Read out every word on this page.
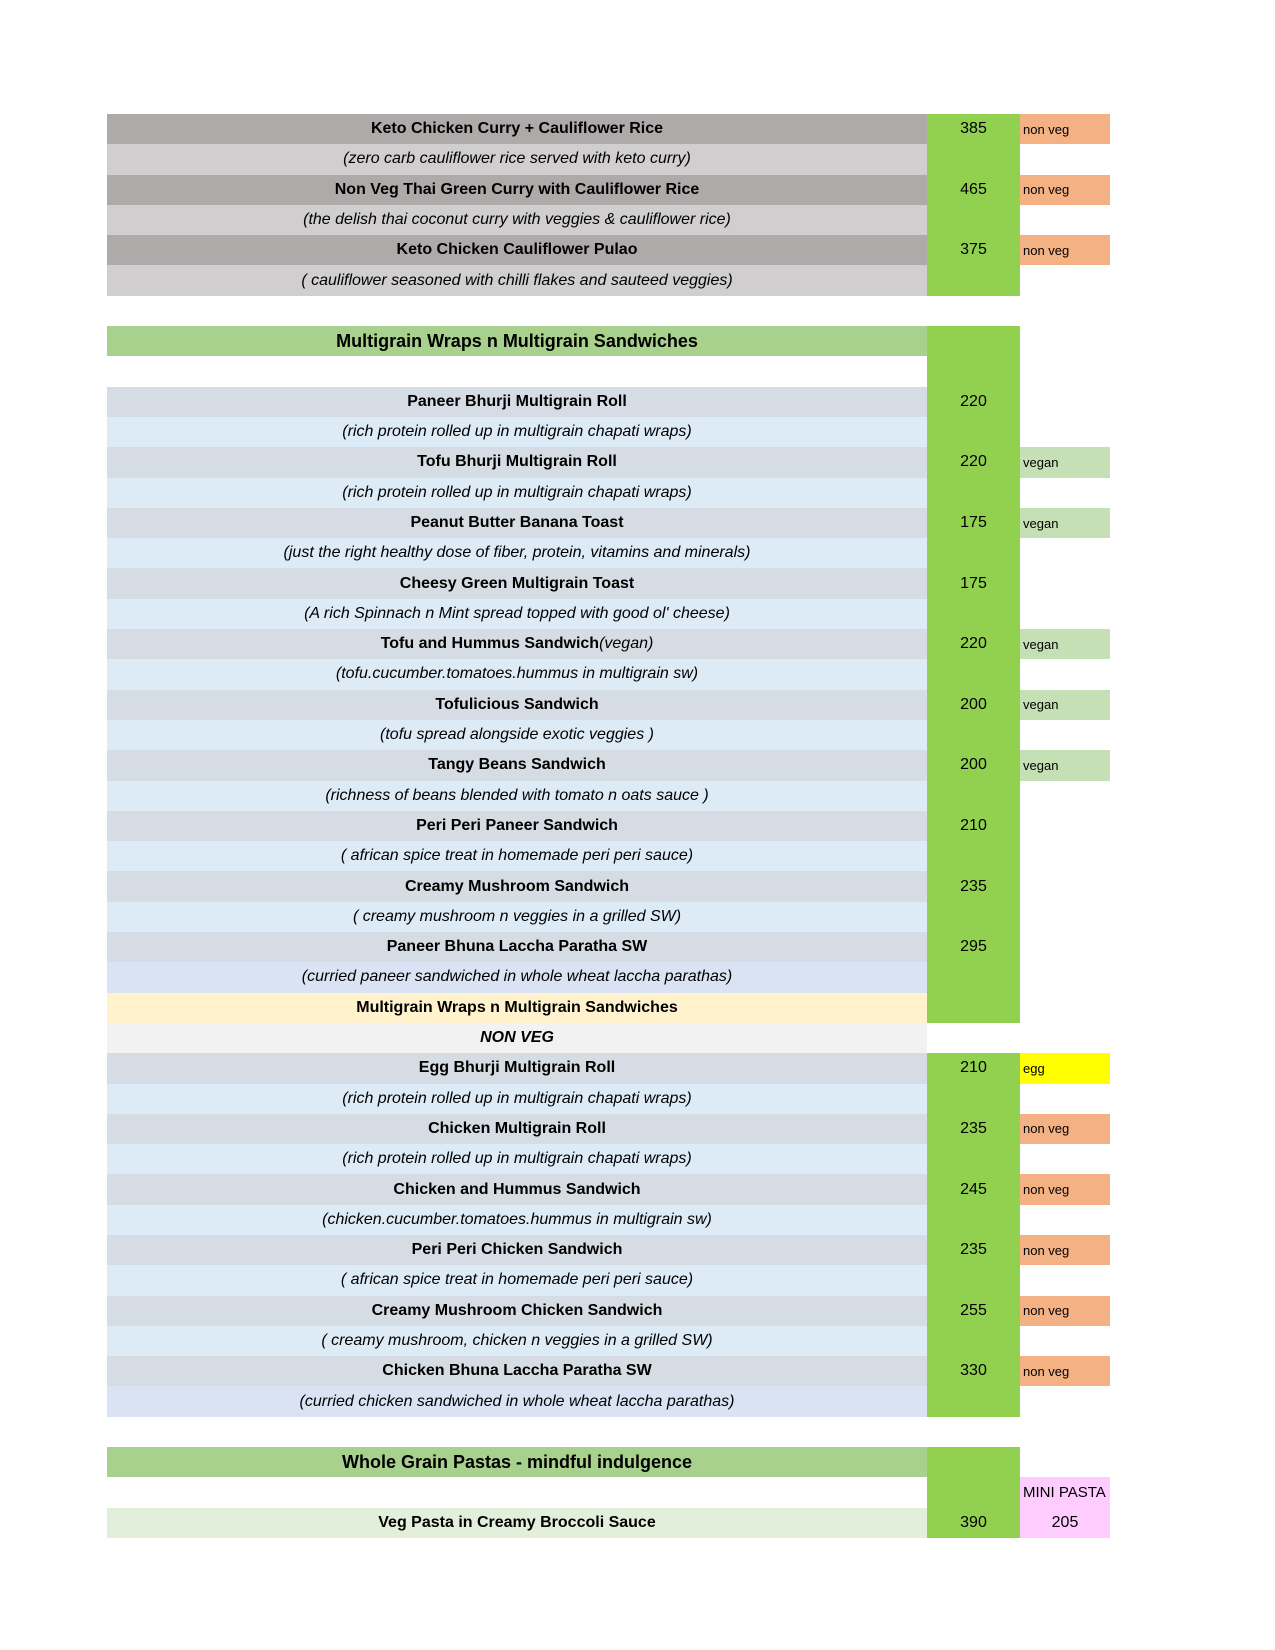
Keto Chicken Curry + Cauliflower Rice	385	non veg
(zero carb cauliflower rice served with keto curry)
Non Veg Thai Green Curry with Cauliflower Rice	465	non veg
(the delish thai coconut curry with veggies & cauliflower rice)
Keto Chicken Cauliflower Pulao	375	non veg
( cauliflower seasoned with chilli flakes and sauteed veggies)
Multigrain Wraps n Multigrain Sandwiches
Paneer Bhurji Multigrain Roll	220
(rich protein rolled up in multigrain chapati wraps)
Tofu Bhurji Multigrain Roll	220	vegan
(rich protein rolled up in multigrain chapati wraps)
Peanut Butter Banana Toast	175	vegan
(just the right healthy dose of fiber, protein, vitamins and minerals)
Cheesy Green Multigrain Toast	175
(A rich Spinnach n Mint spread topped with good ol' cheese)
Tofu and Hummus Sandwich (vegan)	220	vegan
(tofu.cucumber.tomatoes.hummus in multigrain sw)
Tofulicious Sandwich	200	vegan
(tofu spread alongside exotic veggies )
Tangy Beans Sandwich	200	vegan
(richness of beans blended with tomato n oats sauce )
Peri Peri Paneer Sandwich	210
( african spice treat in homemade peri peri sauce)
Creamy Mushroom Sandwich	235
( creamy mushroom n veggies in a grilled SW)
Paneer Bhuna Laccha Paratha SW	295
(curried paneer sandwiched in whole wheat laccha parathas)
Multigrain Wraps n Multigrain Sandwiches
NON VEG
Egg Bhurji Multigrain Roll	210	egg
(rich protein rolled up in multigrain chapati wraps)
Chicken Multigrain Roll	235	non veg
(rich protein rolled up in multigrain chapati wraps)
Chicken and Hummus Sandwich	245	non veg
(chicken.cucumber.tomatoes.hummus in multigrain sw)
Peri Peri Chicken Sandwich	235	non veg
( african spice treat in homemade peri peri sauce)
Creamy Mushroom Chicken Sandwich	255	non veg
( creamy mushroom, chicken n veggies in a grilled SW)
Chicken Bhuna Laccha Paratha SW	330	non veg
(curried chicken sandwiched in whole wheat laccha parathas)
Whole Grain Pastas - mindful indulgence
MINI PASTA
Veg Pasta in Creamy Broccoli Sauce	390	205
